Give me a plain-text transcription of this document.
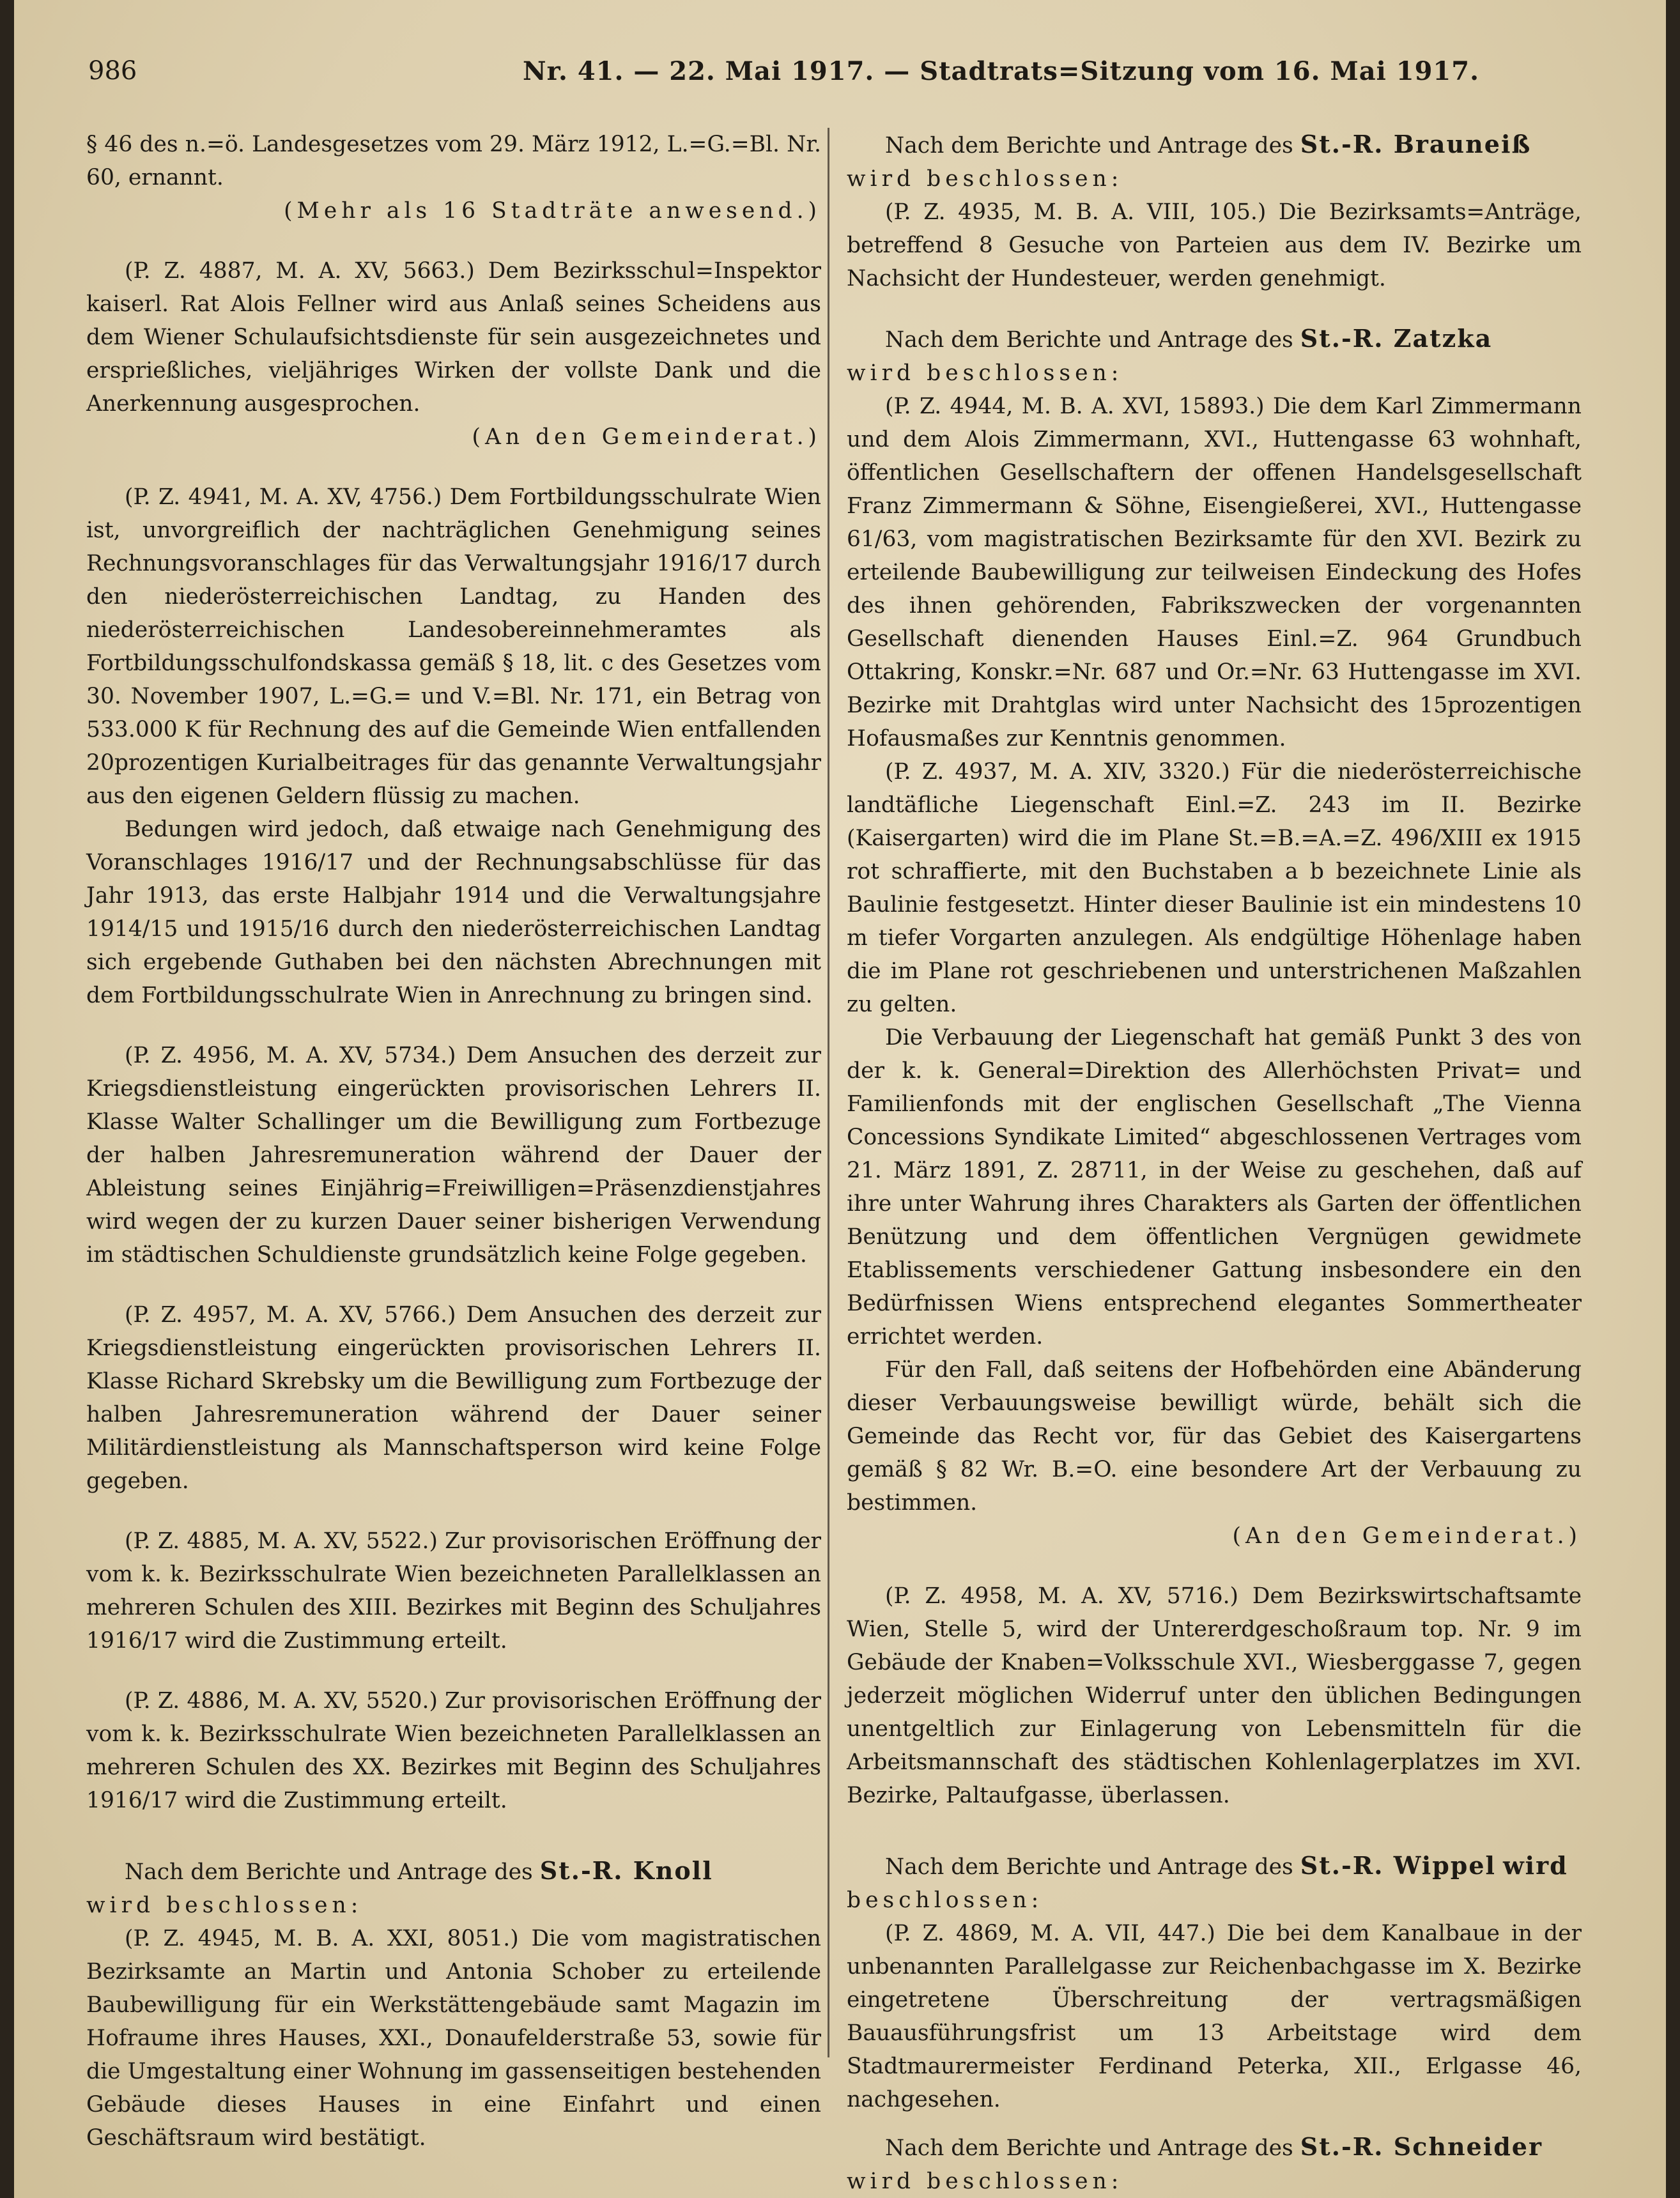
986	Nr. 41. — 22. Mai 1917. — Stadtrats=Sitzung vom 16. Mai 1917.

§ 46 des n.=ö. Landesgesetzes vom 29. März 1912, L.=G.=Bl. Nr. 60, ernannt.

(Mehr als 16 Stadträte anwesend.)

(P. Z. 4887, M. A. XV, 5663.) Dem Bezirksschul=Inspektor kaiserl. Rat Alois Fellner wird aus Anlaß seines Scheidens aus dem Wiener Schulaufsichtsdienste für sein ausgezeichnetes und ersprießliches, vieljähriges Wirken der vollste Dank und die Anerkennung ausgesprochen.

(An den Gemeinderat.)

(P. Z. 4941, M. A. XV, 4756.) Dem Fortbildungsschulrate Wien ist, unvorgreiflich der nachträglichen Genehmigung seines Rechnungsvoranschlages für das Verwaltungsjahr 1916/17 durch den niederösterreichischen Landtag, zu Handen des niederösterreichischen Landesobereinnehmeramtes als Fortbildungsschulfondskassa gemäß § 18, lit. c des Gesetzes vom 30. November 1907, L.=G.= und V.=Bl. Nr. 171, ein Betrag von 533.000 K für Rechnung des auf die Gemeinde Wien entfallenden 20prozentigen Kurialbeitrages für das genannte Verwaltungsjahr aus den eigenen Geldern flüssig zu machen.

Bedungen wird jedoch, daß etwaige nach Genehmigung des Voranschlages 1916/17 und der Rechnungsabschlüsse für das Jahr 1913, das erste Halbjahr 1914 und die Verwaltungsjahre 1914/15 und 1915/16 durch den niederösterreichischen Landtag sich ergebende Guthaben bei den nächsten Abrechnungen mit dem Fortbildungsschulrate Wien in Anrechnung zu bringen sind.

(P. Z. 4956, M. A. XV, 5734.) Dem Ansuchen des derzeit zur Kriegsdienstleistung eingerückten provisorischen Lehrers II. Klasse Walter Schallinger um die Bewilligung zum Fortbezuge der halben Jahresremuneration während der Dauer der Ableistung seines Einjährig=Freiwilligen=Präsenzdienstjahres wird wegen der zu kurzen Dauer seiner bisherigen Verwendung im städtischen Schuldienste grundsätzlich keine Folge gegeben.

(P. Z. 4957, M. A. XV, 5766.) Dem Ansuchen des derzeit zur Kriegsdienstleistung eingerückten provisorischen Lehrers II. Klasse Richard Skrebsky um die Bewilligung zum Fortbezuge der halben Jahresremuneration während der Dauer seiner Militärdienstleistung als Mannschaftsperson wird keine Folge gegeben.

(P. Z. 4885, M. A. XV, 5522.) Zur provisorischen Eröffnung der vom k. k. Bezirksschulrate Wien bezeichneten Parallelklassen an mehreren Schulen des XIII. Bezirkes mit Beginn des Schuljahres 1916/17 wird die Zustimmung erteilt.

(P. Z. 4886, M. A. XV, 5520.) Zur provisorischen Eröffnung der vom k. k. Bezirksschulrate Wien bezeichneten Parallelklassen an mehreren Schulen des XX. Bezirkes mit Beginn des Schuljahres 1916/17 wird die Zustimmung erteilt.

Nach dem Berichte und Antrage des St.-R. Knoll
wird beschlossen:

(P. Z. 4945, M. B. A. XXI, 8051.) Die vom magistratischen Bezirksamte an Martin und Antonia Schober zu erteilende Baubewilligung für ein Werkstättengebäude samt Magazin im Hofraume ihres Hauses, XXI., Donaufelderstraße 53, sowie für die Umgestaltung einer Wohnung im gassenseitigen bestehenden Gebäude dieses Hauses in eine Einfahrt und einen Geschäftsraum wird bestätigt.

Nach dem Berichte und Antrage des St.-R. Brauneiß
wird beschlossen:

(P. Z. 4935, M. B. A. VIII, 105.) Die Bezirksamts=Anträge, betreffend 8 Gesuche von Parteien aus dem IV. Bezirke um Nachsicht der Hundesteuer, werden genehmigt.

Nach dem Berichte und Antrage des St.-R. Zatzka
wird beschlossen:

(P. Z. 4944, M. B. A. XVI, 15893.) Die dem Karl Zimmermann und dem Alois Zimmermann, XVI., Huttengasse 63 wohnhaft, öffentlichen Gesellschaftern der offenen Handelsgesellschaft Franz Zimmermann & Söhne, Eisengießerei, XVI., Huttengasse 61/63, vom magistratischen Bezirksamte für den XVI. Bezirk zu erteilende Baubewilligung zur teilweisen Eindeckung des Hofes des ihnen gehörenden, Fabrikszwecken der vorgenannten Gesellschaft dienenden Hauses Einl.=Z. 964 Grundbuch Ottakring, Konskr.=Nr. 687 und Or.=Nr. 63 Huttengasse im XVI. Bezirke mit Drahtglas wird unter Nachsicht des 15prozentigen Hofausmaßes zur Kenntnis genommen.

(P. Z. 4937, M. A. XIV, 3320.) Für die niederösterreichische landtäfliche Liegenschaft Einl.=Z. 243 im II. Bezirke (Kaisergarten) wird die im Plane St.=B.=A.=Z. 496/XIII ex 1915 rot schraffierte, mit den Buchstaben a b bezeichnete Linie als Baulinie festgesetzt. Hinter dieser Baulinie ist ein mindestens 10 m tiefer Vorgarten anzulegen. Als endgültige Höhenlage haben die im Plane rot geschriebenen und unterstrichenen Maßzahlen zu gelten.

Die Verbauung der Liegenschaft hat gemäß Punkt 3 des von der k. k. General=Direktion des Allerhöchsten Privat= und Familienfonds mit der englischen Gesellschaft „The Vienna Concessions Syndikate Limited“ abgeschlossenen Vertrages vom 21. März 1891, Z. 28711, in der Weise zu geschehen, daß auf ihre unter Wahrung ihres Charakters als Garten der öffentlichen Benützung und dem öffentlichen Vergnügen gewidmete Etablissements verschiedener Gattung insbesondere ein den Bedürfnissen Wiens entsprechend elegantes Sommertheater errichtet werden.

Für den Fall, daß seitens der Hofbehörden eine Abänderung dieser Verbauungsweise bewilligt würde, behält sich die Gemeinde das Recht vor, für das Gebiet des Kaisergartens gemäß § 82 Wr. B.=O. eine besondere Art der Verbauung zu bestimmen.

(An den Gemeinderat.)

(P. Z. 4958, M. A. XV, 5716.) Dem Bezirkswirtschaftsamte Wien, Stelle 5, wird der Untererdgeschoßraum top. Nr. 9 im Gebäude der Knaben=Volksschule XVI., Wiesberggasse 7, gegen jederzeit möglichen Widerruf unter den üblichen Bedingungen unentgeltlich zur Einlagerung von Lebensmitteln für die Arbeitsmannschaft des städtischen Kohlenlagerplatzes im XVI. Bezirke, Paltaufgasse, überlassen.

Nach dem Berichte und Antrage des St.-R. Wippel wird
beschlossen:

(P. Z. 4869, M. A. VII, 447.) Die bei dem Kanalbaue in der unbenannten Parallelgasse zur Reichenbachgasse im X. Bezirke eingetretene Überschreitung der vertragsmäßigen Bauausführungsfrist um 13 Arbeitstage wird dem Stadtmaurermeister Ferdinand Peterka, XII., Erlgasse 46, nachgesehen.

Nach dem Berichte und Antrage des St.-R. Schneider
wird beschlossen:
